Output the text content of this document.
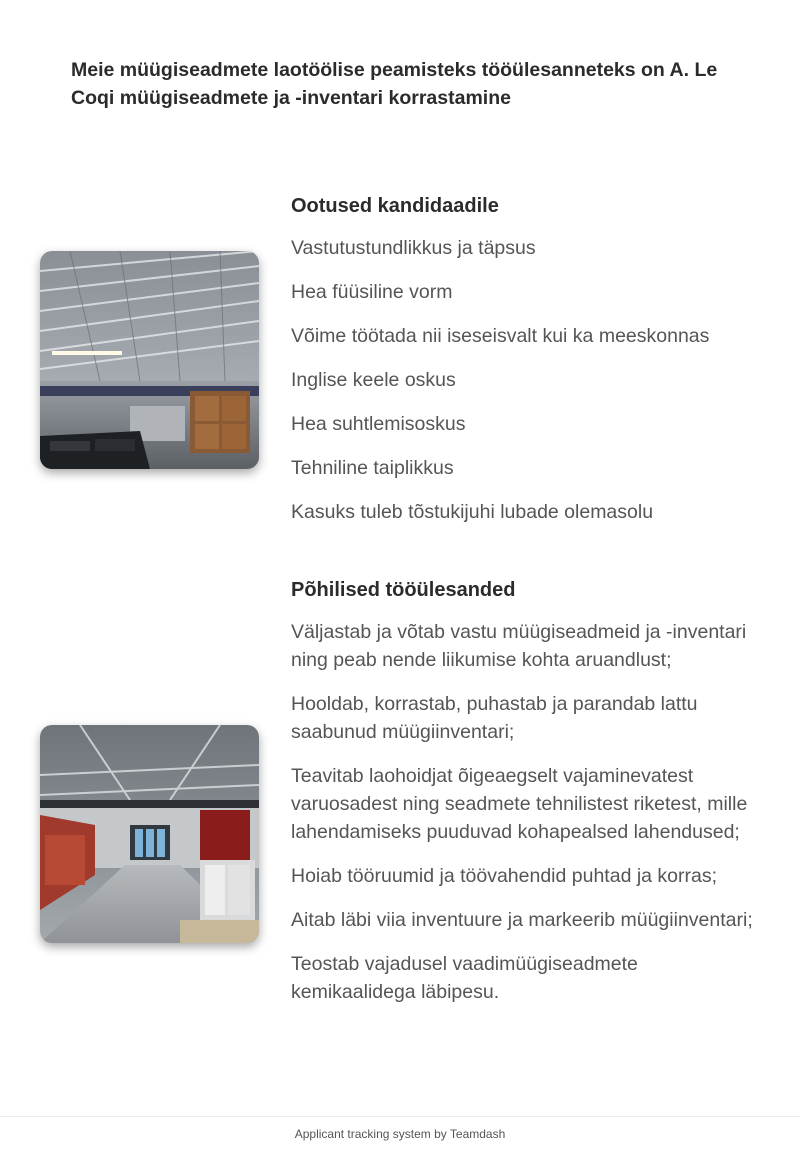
Meie müügiseadmete laotöölise peamisteks tööülesanneteks on A. Le Coqi müügiseadmete ja -inventari korrastamine

Ootused kandidaadile
Vastutustundlikkus ja täpsus
Hea füüsiline vorm
Võime töötada nii iseseisvalt kui ka meeskonnas
Inglise keele oskus
Hea suhtlemisoskus
Tehniline taiplikkus
Kasuks tuleb tõstukijuhi lubade olemasolu
Põhilised tööülesanded
Väljastab ja võtab vastu müügiseadmeid ja -inventari ning peab nende liikumise kohta aruandlust;
Hooldab, korrastab, puhastab ja parandab lattu saabunud müügiinventari;
Teavitab laohoidjat õigeaegselt vajaminevatest varuosadest ning seadmete tehnilistest riketest, mille lahendamiseks puuduvad kohapealsed lahendused;
Hoiab tööruumid ja töövahendid puhtad ja korras;
Aitab läbi viia inventuure ja markeerib müügiinventari;
Teostab vajadusel vaadimüügiseadmete kemikaalidega läbipesu.
Applicant tracking system by Teamdash
